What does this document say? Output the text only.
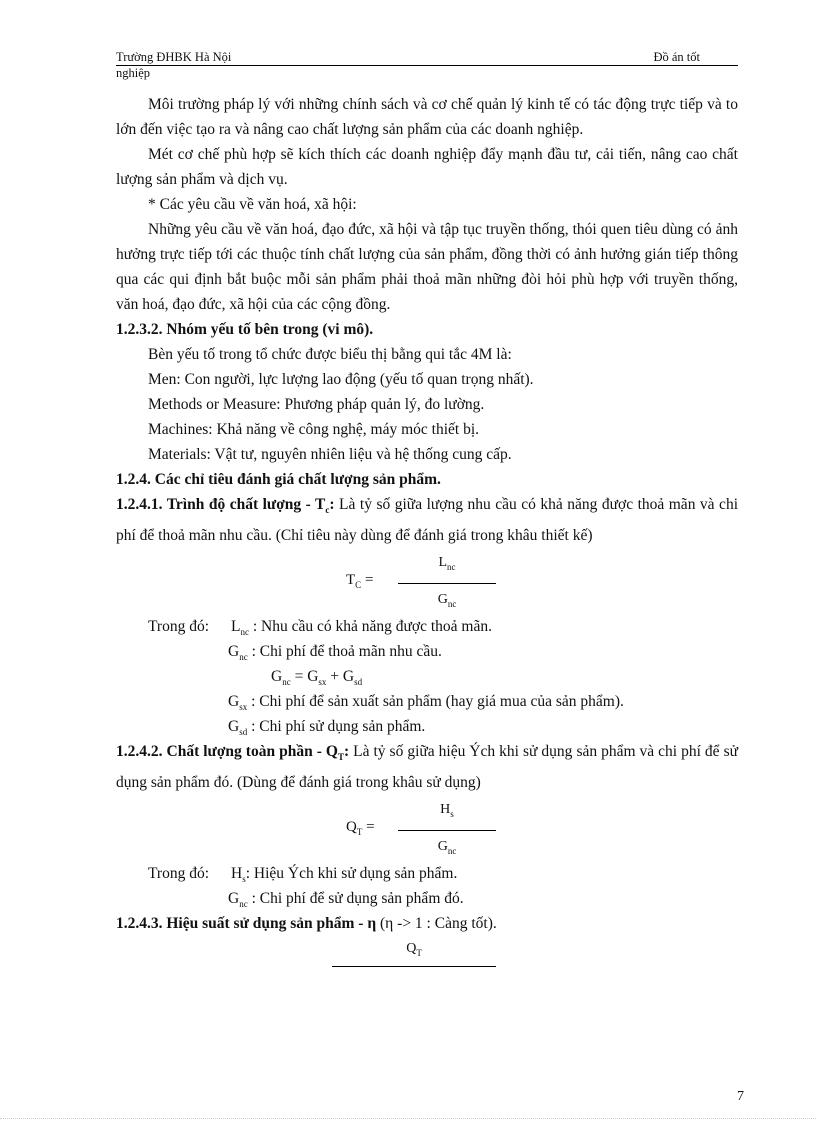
Trường ĐHBK Hà Nội	Đồ án tốt
nghiệp

Môi trường pháp lý với những chính sách và cơ chế quản lý kinh tế có tác động trực tiếp và to lớn đến việc tạo ra và nâng cao chất lượng sản phẩm của các doanh nghiệp.

Mét cơ chế phù hợp sẽ kích thích các doanh nghiệp đẩy mạnh đầu tư, cải tiến, nâng cao chất lượng sản phẩm và dịch vụ.

* Các yêu cầu về văn hoá, xã hội:

Những yêu cầu về văn hoá, đạo đức, xã hội và tập tục truyền thống, thói quen tiêu dùng có ảnh hưởng trực tiếp tới các thuộc tính chất lượng của sản phẩm, đồng thời có ảnh hưởng gián tiếp thông qua các qui định bắt buộc mỗi sản phẩm phải thoả mãn những đòi hỏi phù hợp với truyền thống, văn hoá, đạo đức, xã hội của các cộng đồng.

1.2.3.2. Nhóm yếu tố bên trong (vi mô).

Bèn yếu tố trong tổ chức được biểu thị bằng qui tắc 4M là:

Men: Con người, lực lượng lao động (yếu tố quan trọng nhất).

Methods or Measure: Phương pháp quản lý, đo lường.

Machines: Khả năng về công nghệ, máy móc thiết bị.

Materials: Vật tư, nguyên nhiên liệu và hệ thống cung cấp.

1.2.4. Các chỉ tiêu đánh giá chất lượng sản phẩm.

1.2.4.1. Trình độ chất lượng - $T_c$: Là tỷ số giữa lượng nhu cầu có khả năng được thoả mãn và chi phí để thoả mãn nhu cầu. (Chỉ tiêu này dùng để đánh giá trong khâu thiết kế)

$T_C$ =
$L_{nc}$
$G_{nc}$
Trong đó: $L_{nc}$ : Nhu cầu có khả năng được thoả mãn.
$G_{nc}$ : Chi phí để thoả mãn nhu cầu.
$G_{nc} = G_{sx} + G_{sd}$
$G_{sx}$ : Chi phí để sản xuất sản phẩm (hay giá mua của sản phẩm).
$G_{sd}$ : Chi phí sử dụng sản phẩm.

1.2.4.2. Chất lượng toàn phần - $Q_T$: Là tỷ số giữa hiệu Ých khi sử dụng sản phẩm và chi phí để sử dụng sản phẩm đó. (Dùng để đánh giá trong khâu sử dụng)

$Q_T$ =
$H_s$
$G_{nc}$
Trong đó: $H_s$: Hiệu Ých khi sử dụng sản phẩm.
$G_{nc}$ : Chi phí để sử dụng sản phẩm đó.

1.2.4.3. Hiệu suất sử dụng sản phẩm - η (η -> 1 : Càng tốt).

$Q_T$
7
